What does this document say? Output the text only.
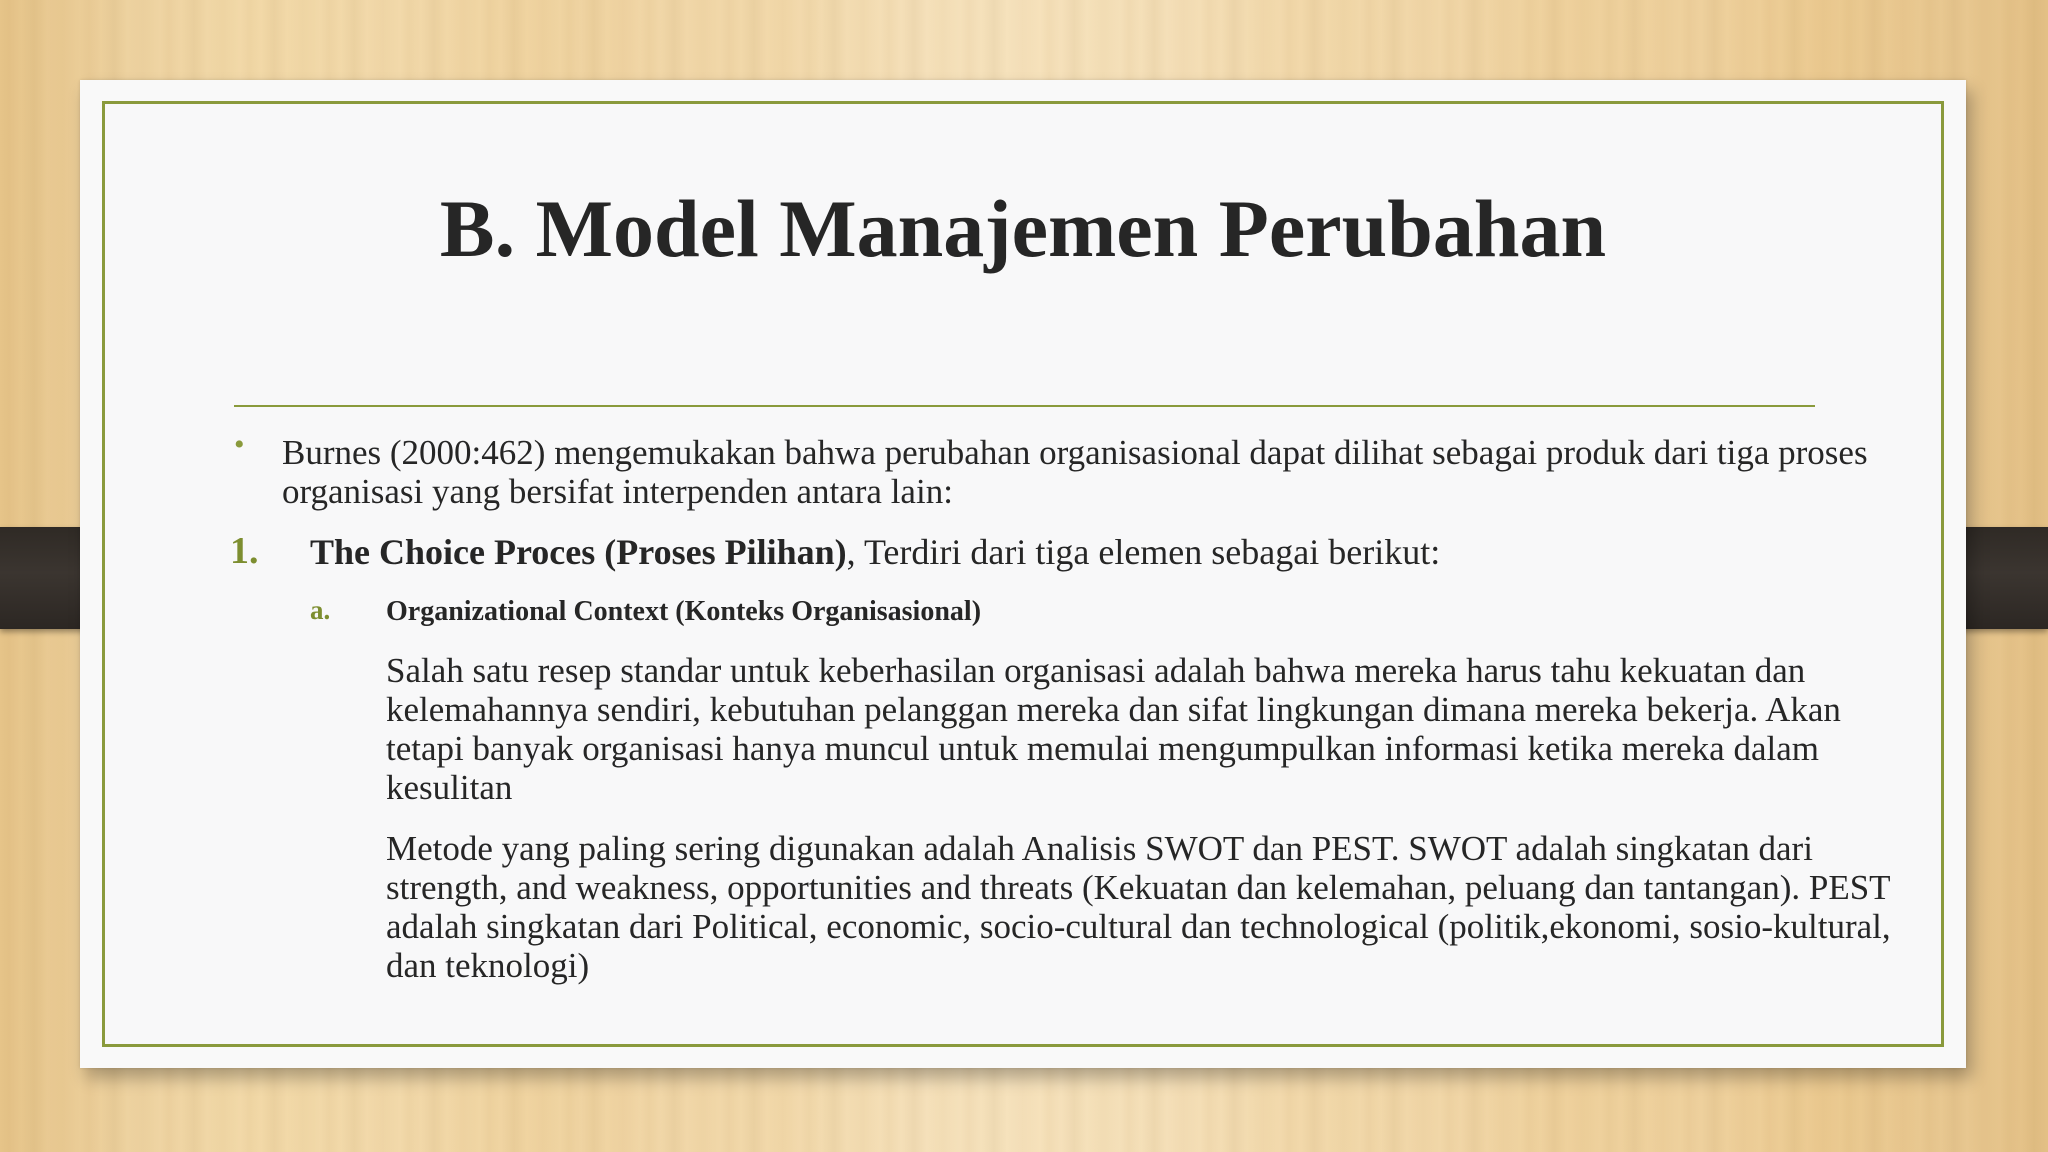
B. Model Manajemen Perubahan
• Burnes (2000:462) mengemukakan bahwa perubahan organisasional dapat dilihat sebagai produk dari tiga proses organisasi yang bersifat interpenden antara lain:

1. The Choice Proces (Proses Pilihan), Terdiri dari tiga elemen sebagai berikut:

a. Organizational Context (Konteks Organisasional)

Salah satu resep standar untuk keberhasilan organisasi adalah bahwa mereka harus tahu kekuatan dan kelemahannya sendiri, kebutuhan pelanggan mereka dan sifat lingkungan dimana mereka bekerja. Akan tetapi banyak organisasi hanya muncul untuk memulai mengumpulkan informasi ketika mereka dalam kesulitan

Metode yang paling sering digunakan adalah Analisis SWOT dan PEST. SWOT adalah singkatan dari strength, and weakness, opportunities and threats (Kekuatan dan kelemahan, peluang dan tantangan). PEST adalah singkatan dari Political, economic, socio-cultural dan technological (politik,ekonomi, sosio-kultural, dan teknologi)
